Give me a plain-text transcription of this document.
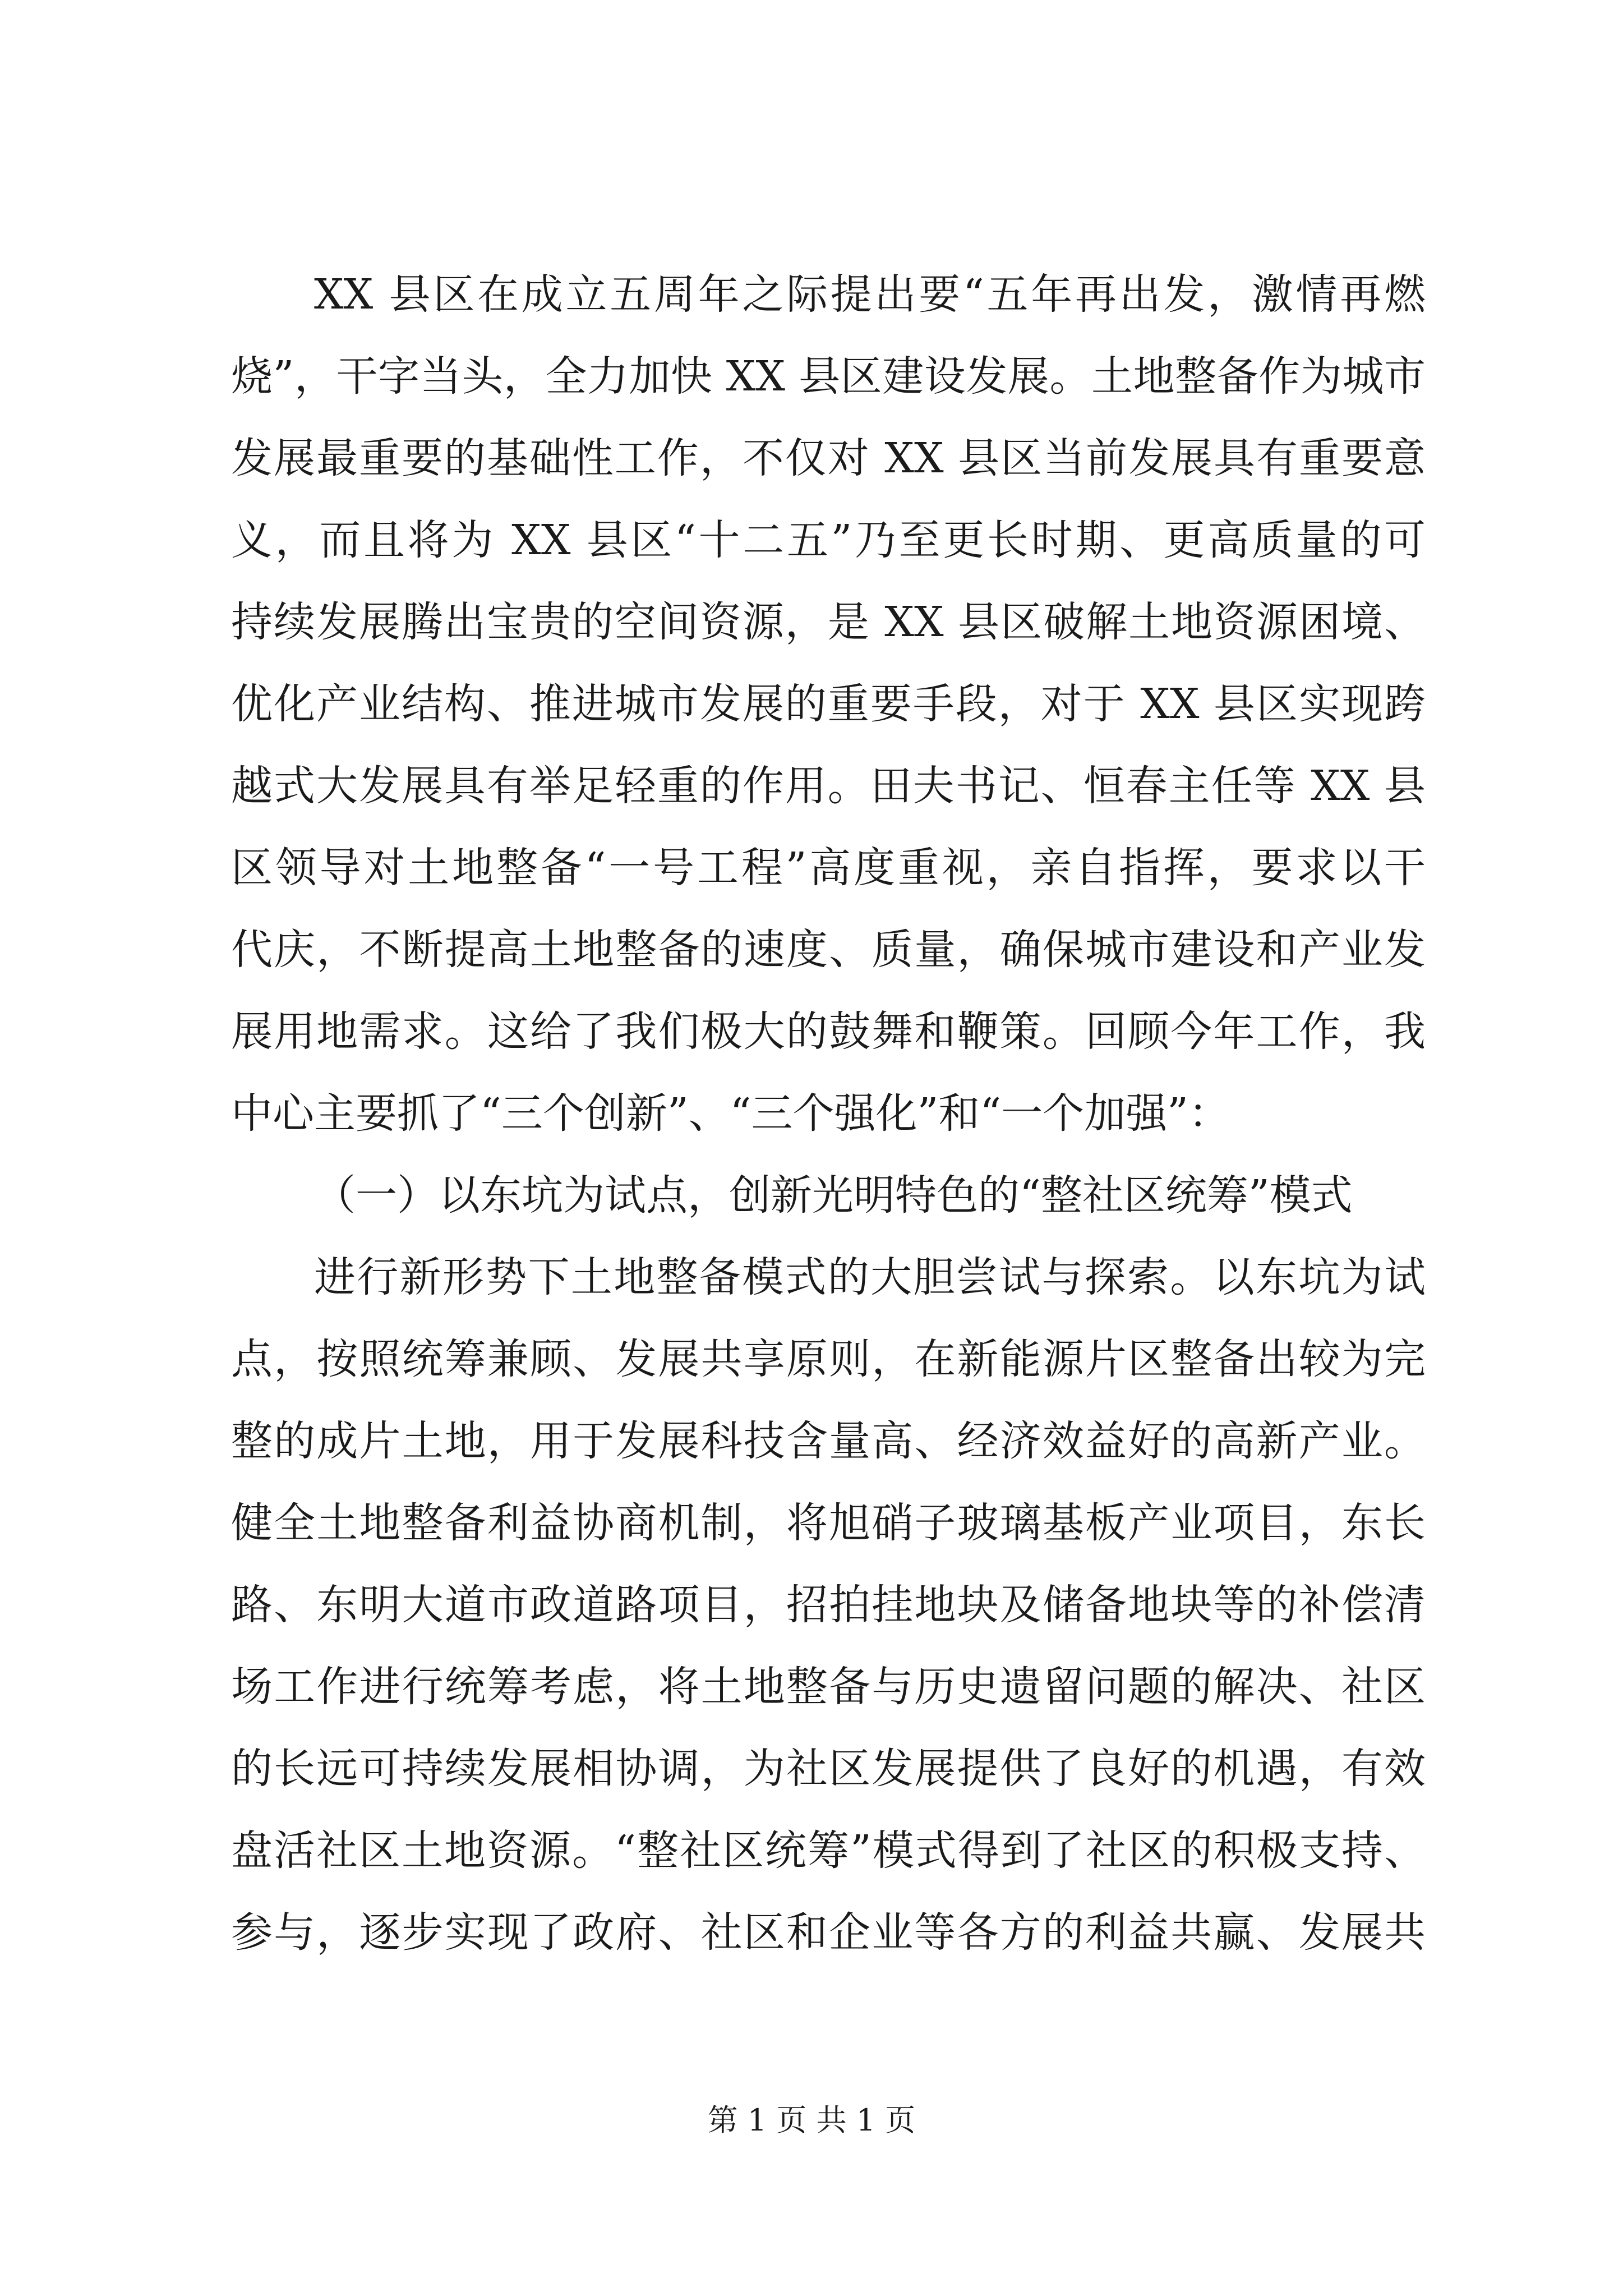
XX 县区在成立五周年之际提出要“五年再出发，激情再燃
烧”，干字当头，全力加快 XX 县区建设发展。土地整备作为城市
发展最重要的基础性工作，不仅对 XX 县区当前发展具有重要意
义，而且将为 XX 县区“十二五”乃至更长时期、更高质量的可
持续发展腾出宝贵的空间资源，是 XX 县区破解土地资源困境、
优化产业结构、推进城市发展的重要手段，对于 XX 县区实现跨
越式大发展具有举足轻重的作用。田夫书记、恒春主任等 XX 县
区领导对土地整备“一号工程”高度重视，亲自指挥，要求以干
代庆，不断提高土地整备的速度、质量，确保城市建设和产业发
展用地需求。这给了我们极大的鼓舞和鞭策。回顾今年工作，我
中心主要抓了“三个创新”、“三个强化”和“一个加强”：
（一）以东坑为试点，创新光明特色的“整社区统筹”模式
进行新形势下土地整备模式的大胆尝试与探索。以东坑为试
点，按照统筹兼顾、发展共享原则，在新能源片区整备出较为完
整的成片土地，用于发展科技含量高、经济效益好的高新产业。
健全土地整备利益协商机制，将旭硝子玻璃基板产业项目，东长
路、东明大道市政道路项目，招拍挂地块及储备地块等的补偿清
场工作进行统筹考虑，将土地整备与历史遗留问题的解决、社区
的长远可持续发展相协调，为社区发展提供了良好的机遇，有效
盘活社区土地资源。“整社区统筹”模式得到了社区的积极支持、
参与，逐步实现了政府、社区和企业等各方的利益共赢、发展共
第 1 页 共 1 页
